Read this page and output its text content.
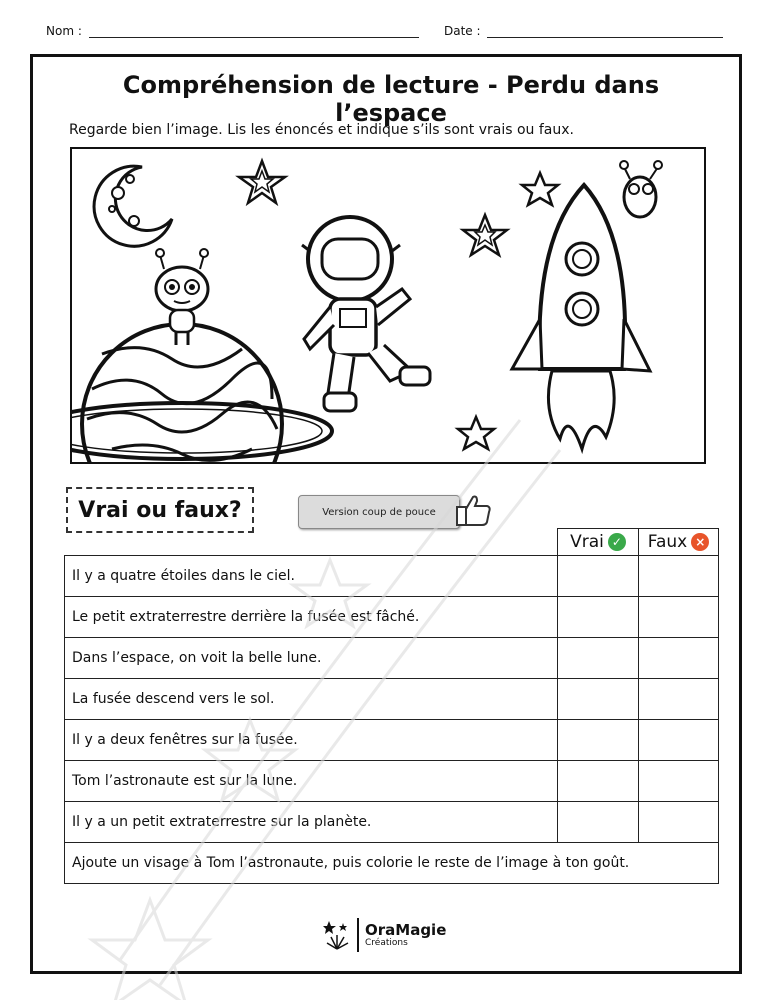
Nom :	Date :
Compréhension de lecture - Perdu dans l’espace
Regarde bien l’image. Lis les énoncés et indique s’ils sont vrais ou faux.
Vrai ou faux?	Version coup de pouce

	Vrai ✓	Faux ×

Il y a quatre étoiles dans le ciel.		
Le petit extraterrestre derrière la fusée est fâché.		
Dans l’espace, on voit la belle lune.		
La fusée descend vers le sol.		
Il y a deux fenêtres sur la fusée.		
Tom l’astronaute est sur la lune.		
Il y a un petit extraterrestre sur la planète.		
Ajoute un visage à Tom l’astronaute, puis colorie le reste de l’image à ton goût.		
OraMagie
Créations
